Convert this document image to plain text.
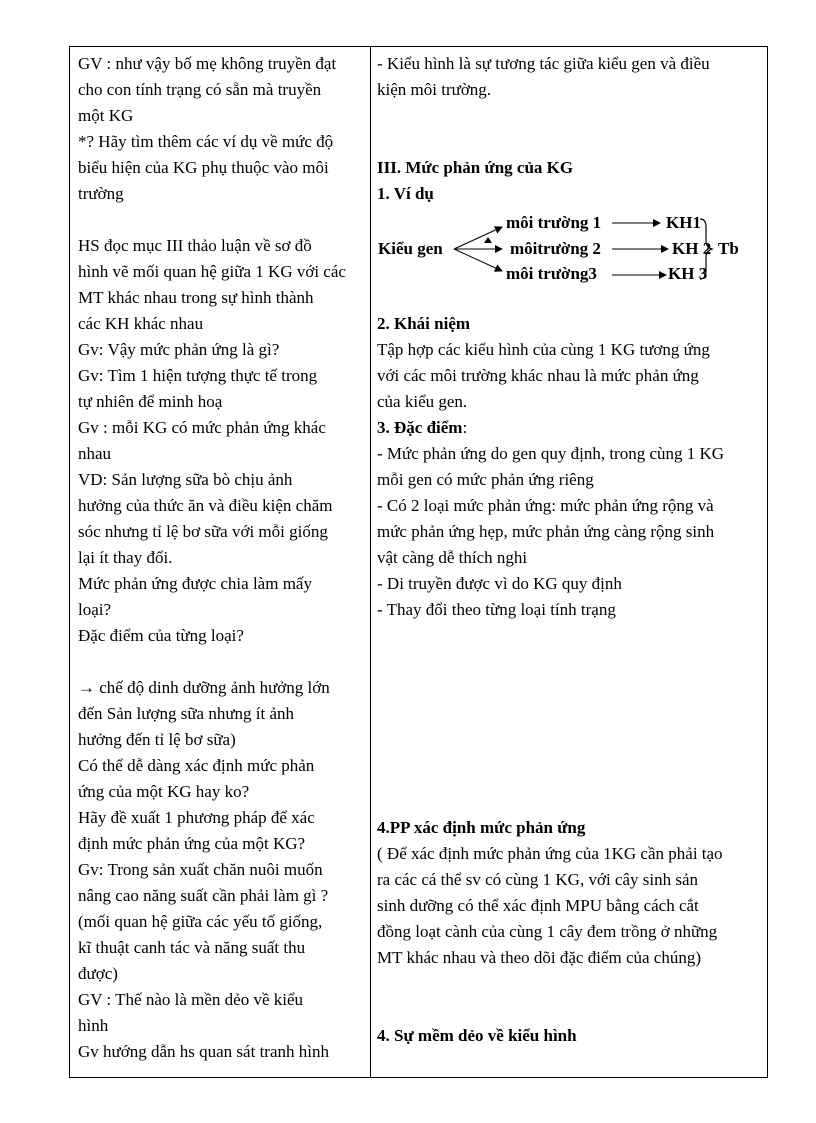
GV : như vậy bố mẹ không truyền đạt
cho con tính trạng có sẵn mà truyền
một KG
*? Hãy tìm thêm các ví dụ về mức độ
biểu hiện của KG phụ thuộc vào môi
trường
HS đọc mục III thảo luận về sơ đồ
hình vẽ mối quan hệ giữa 1 KG với các
MT khác nhau trong sự hình thành
các KH khác nhau
Gv: Vậy mức phản ứng là gì?
Gv: Tìm 1 hiện tượng thực tế trong
tự nhiên để minh hoạ
Gv : mỗi KG có mức phản ứng khác
nhau
VD: Sản lượng sữa bò chịu ảnh
hưởng của thức ăn và điều kiện chăm
sóc nhưng tỉ lệ bơ sữa với mỗi giống
lại ít thay đổi.
Mức phản ứng được chia làm mấy
loại?
Đặc điểm của từng loại?
→ chế độ dinh dưỡng ảnh hưởng lớn
đến Sản lượng sữa nhưng ít ảnh
hưởng đến tỉ lệ bơ sữa)
Có thể dễ dàng xác định mức phản
ứng của một KG hay ko?
Hãy đề xuất 1 phương pháp để xác
định mức phản ứng của một KG?
Gv: Trong sản xuất chăn nuôi muốn
nâng cao năng suất cần phải làm gì ?
(mối quan hệ giữa các yếu tố giống,
kĩ thuật canh tác và năng suất thu
được)
GV : Thế nào là mền dẻo về kiểu
hình
Gv hướng dẫn hs quan sát tranh hình
- Kiểu hình là sự tương tác giữa kiểu gen và điều
kiện môi trường.
III. Mức phản ứng của KG
1. Ví dụ
Kiểu gen
môi trường 1
môitrường 2
môi trường3
KH1
KH 2
KH 3
Tb
2. Khái niệm
Tập hợp các kiểu hình của cùng 1 KG tương ứng
với các môi trường khác nhau là mức phản ứng
của kiểu gen.
3. Đặc điểm:
- Mức phản ứng do gen quy định, trong cùng 1 KG
mỗi gen có mức phản ứng riêng
- Có 2 loại mức phản ứng: mức phản ứng rộng và
mức phản ứng hẹp, mức phản ứng càng rộng sinh
vật càng dễ thích nghi
- Di truyền được vì do KG quy định
- Thay đổi theo từng loại tính trạng
4.PP xác định mức phản ứng
( Để xác định mức phản ứng của 1KG cần phải tạo
ra các cá thể sv có cùng 1 KG, với cây sinh sản
sinh dưỡng có thể xác định MPU bằng cách cắt
đồng loạt cành của cùng 1 cây đem trồng ở những
MT khác nhau và theo dõi đặc điểm của chúng)
4. Sự mềm dẻo về kiểu hình
